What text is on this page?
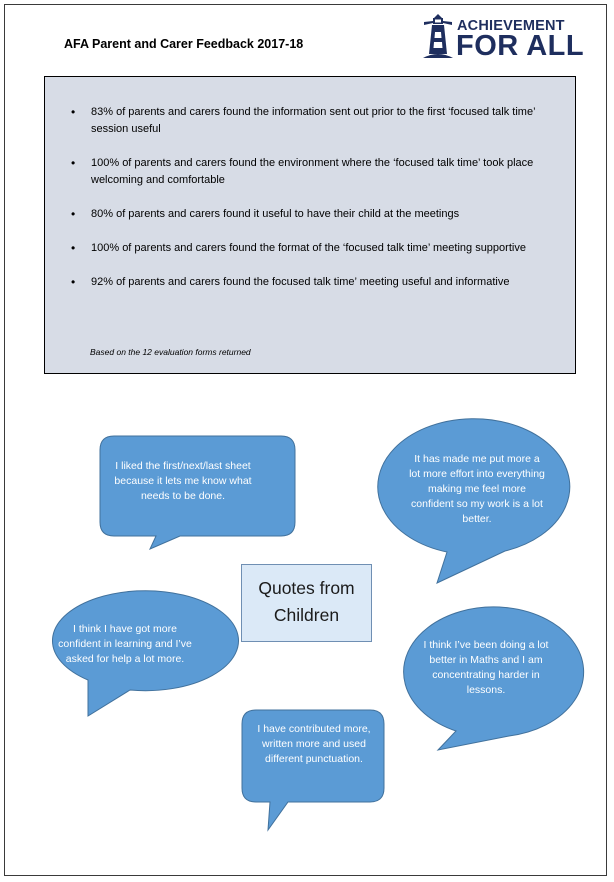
AFA Parent and Carer Feedback 2017-18
ACHIEVEMENT
FOR ALL
• 83% of parents and carers found the information sent out prior to the first ‘focused talk time’ session useful
• 100% of parents and carers found the environment where the ‘focused talk time’ took place welcoming and comfortable
• 80% of parents and carers found it useful to have their child at the meetings
• 100% of parents and carers found the format of the ‘focused talk time’ meeting supportive
• 92% of parents and carers found the focused talk time’ meeting useful and informative
Based on the 12 evaluation forms returned
I liked the first/next/last sheet because it lets me know what needs to be done.
It has made me put more a lot more effort into everything making me feel more confident so my work is a lot better.
I think I have got more confident in learning and I’ve asked for help a lot more.
I think I’ve been doing a lot better in Maths and I am concentrating harder in lessons.
I have contributed more, written more and used different punctuation.
Quotes from Children
